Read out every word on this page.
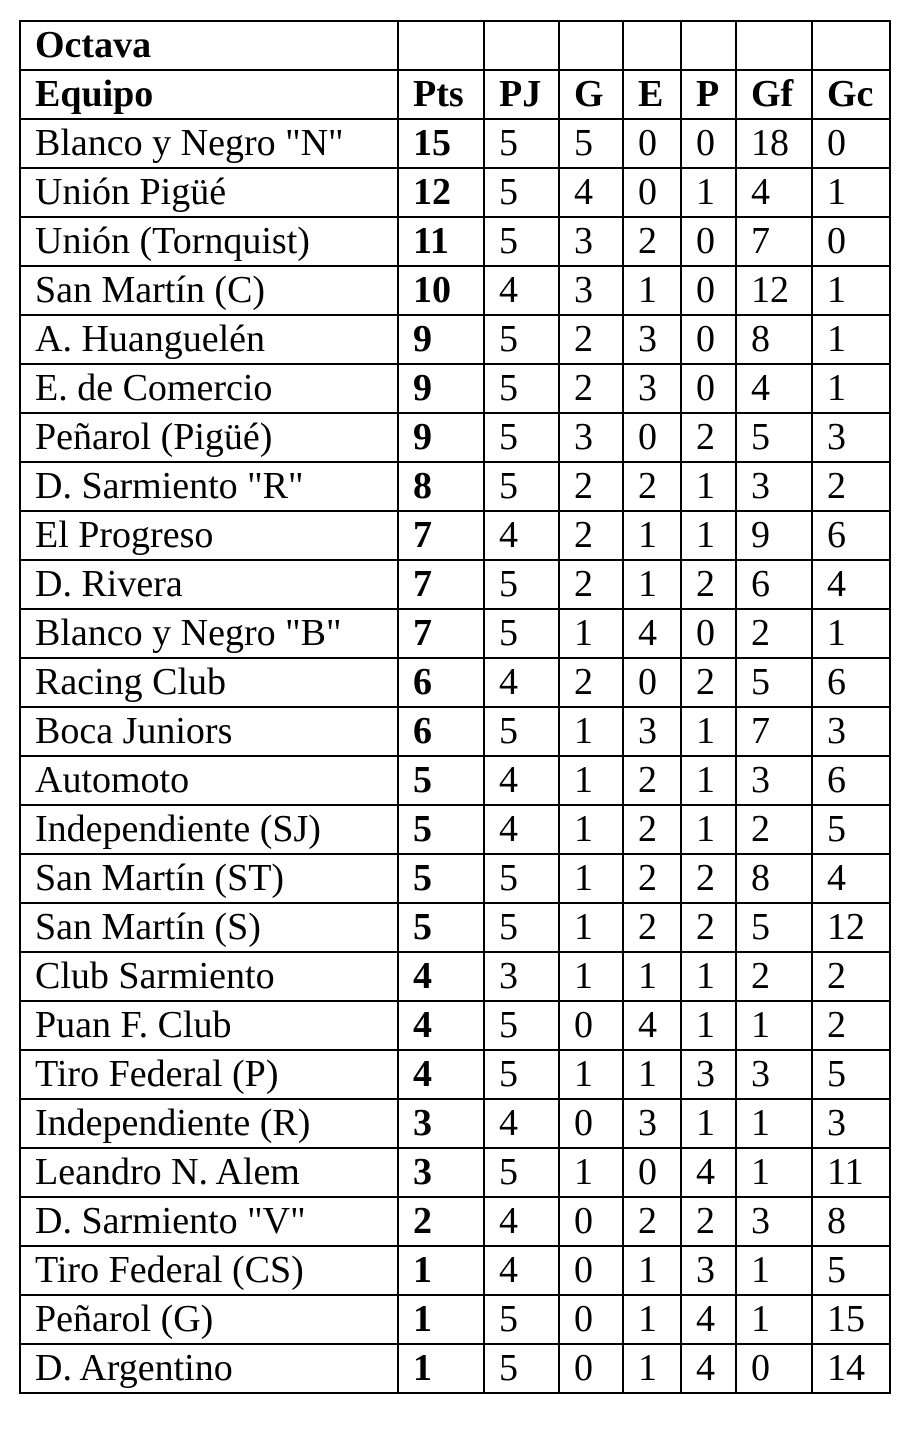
Octava							
Equipo	Pts	PJ	G	E	P	Gf	Gc
Blanco y Negro "N"	15	5	5	0	0	18	0
Unión Pigüé	12	5	4	0	1	4	1
Unión (Tornquist)	11	5	3	2	0	7	0
San Martín (C)	10	4	3	1	0	12	1
A. Huanguelén	9	5	2	3	0	8	1
E. de Comercio	9	5	2	3	0	4	1
Peñarol (Pigüé)	9	5	3	0	2	5	3
D. Sarmiento "R"	8	5	2	2	1	3	2
El Progreso	7	4	2	1	1	9	6
D. Rivera	7	5	2	1	2	6	4
Blanco y Negro "B"	7	5	1	4	0	2	1
Racing Club	6	4	2	0	2	5	6
Boca Juniors	6	5	1	3	1	7	3
Automoto	5	4	1	2	1	3	6
Independiente (SJ)	5	4	1	2	1	2	5
San Martín (ST)	5	5	1	2	2	8	4
San Martín (S)	5	5	1	2	2	5	12
Club Sarmiento	4	3	1	1	1	2	2
Puan F. Club	4	5	0	4	1	1	2
Tiro Federal (P)	4	5	1	1	3	3	5
Independiente (R)	3	4	0	3	1	1	3
Leandro N. Alem	3	5	1	0	4	1	11
D. Sarmiento "V"	2	4	0	2	2	3	8
Tiro Federal (CS)	1	4	0	1	3	1	5
Peñarol (G)	1	5	0	1	4	1	15
D. Argentino	1	5	0	1	4	0	14
